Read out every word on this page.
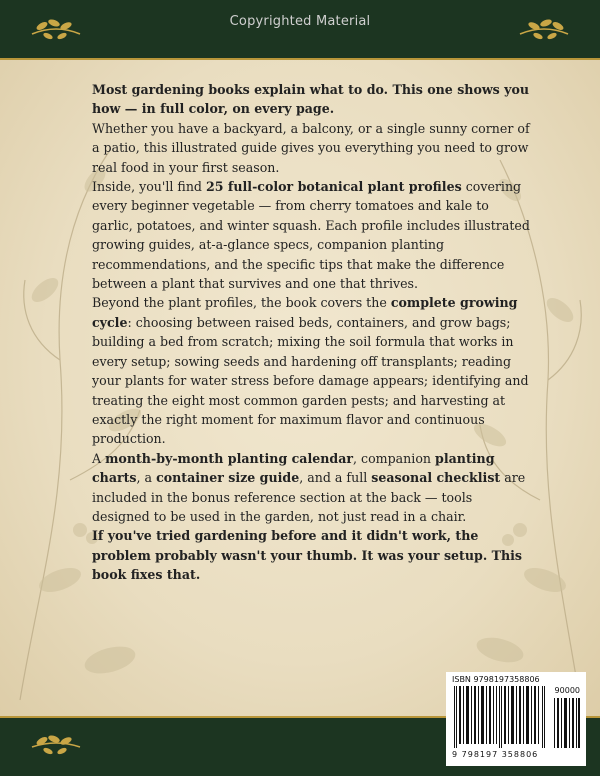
Copyrighted Material

Most gardening books explain what to do. This one shows you how — in full color, on every page.

Whether you have a backyard, a balcony, or a single sunny corner of a patio, this illustrated guide gives you everything you need to grow real food in your first season.

Inside, you'll find 25 full-color botanical plant profiles covering every beginner vegetable — from cherry tomatoes and kale to garlic, potatoes, and winter squash. Each profile includes illustrated growing guides, at-a-glance specs, companion planting recommendations, and the specific tips that make the difference between a plant that survives and one that thrives.

Beyond the plant profiles, the book covers the complete growing cycle: choosing between raised beds, containers, and grow bags; building a bed from scratch; mixing the soil formula that works in every setup; sowing seeds and hardening off transplants; reading your plants for water stress before damage appears; identifying and treating the eight most common garden pests; and harvesting at exactly the right moment for maximum flavor and continuous production.

A month-by-month planting calendar, companion planting charts, a container size guide, and a full seasonal checklist are included in the bonus reference section at the back — tools designed to be used in the garden, not just read in a chair.

If you've tried gardening before and it didn't work, the problem probably wasn't your thumb. It was your setup. This book fixes that.

ISBN 9798197358806
90000
9 798197 358806
